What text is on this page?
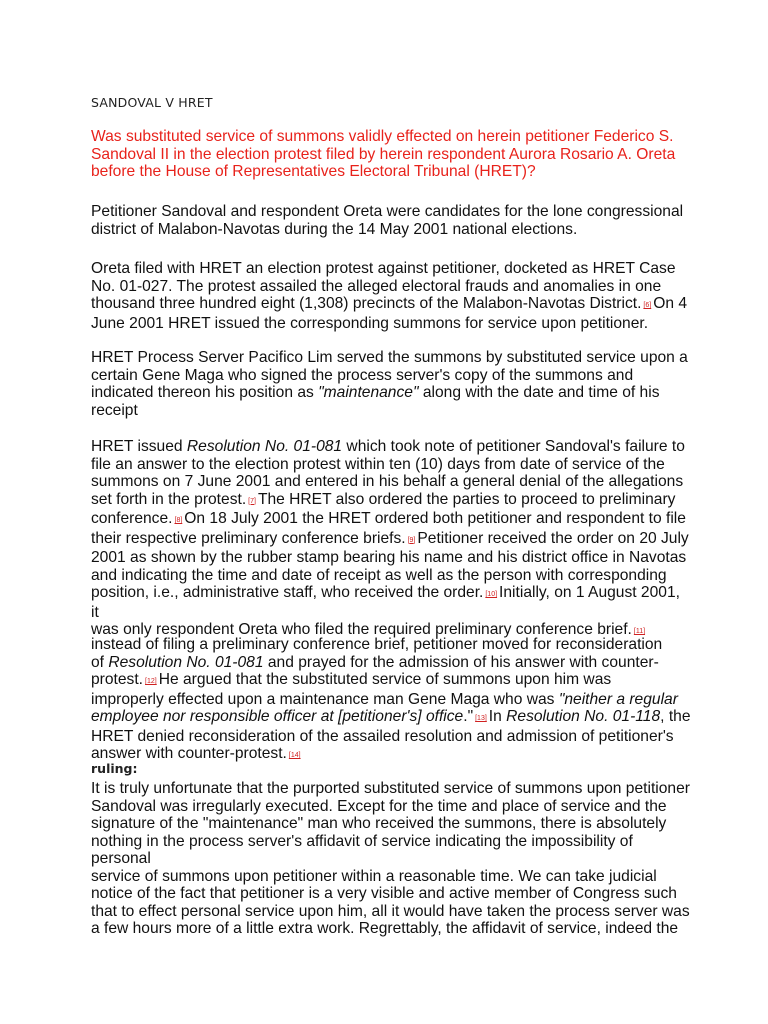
SANDOVAL V HRET

Was substituted service of summons validly effected on herein petitioner Federico S.
Sandoval II in the election protest filed by herein respondent Aurora Rosario A. Oreta
before the House of Representatives Electoral Tribunal (HRET)?

Petitioner Sandoval and respondent Oreta were candidates for the lone congressional
district of Malabon-Navotas during the 14 May 2001 national elections.

Oreta filed with HRET an election protest against petitioner, docketed as HRET Case
No. 01-027. The protest assailed the alleged electoral frauds and anomalies in one
thousand three hundred eight (1,308) precincts of the Malabon-Navotas District. [6] On 4
June 2001 HRET issued the corresponding summons for service upon petitioner.

HRET Process Server Pacifico Lim served the summons by substituted service upon a
certain Gene Maga who signed the process server's copy of the summons and
indicated thereon his position as "maintenance" along with the date and time of his
receipt

HRET issued Resolution No. 01-081 which took note of petitioner Sandoval's failure to
file an answer to the election protest within ten (10) days from date of service of the
summons on 7 June 2001 and entered in his behalf a general denial of the allegations
set forth in the protest. [7] The HRET also ordered the parties to proceed to preliminary
conference. [8] On 18 July 2001 the HRET ordered both petitioner and respondent to file
their respective preliminary conference briefs. [9] Petitioner received the order on 20 July
2001 as shown by the rubber stamp bearing his name and his district office in Navotas
and indicating the time and date of receipt as well as the person with corresponding
position, i.e., administrative staff, who received the order. [10] Initially, on 1 August 2001, it
was only respondent Oreta who filed the required preliminary conference brief. [11]

instead of filing a preliminary conference brief, petitioner moved for reconsideration
of Resolution No. 01-081 and prayed for the admission of his answer with counter-
protest. [12] He argued that the substituted service of summons upon him was
improperly effected upon a maintenance man Gene Maga who was "neither a regular
employee nor responsible officer at [petitioner's] office." [13] In Resolution No. 01-118, the
HRET denied reconsideration of the assailed resolution and admission of petitioner's
answer with counter-protest. [14]

ruling:

It is truly unfortunate that the purported substituted service of summons upon petitioner
Sandoval was irregularly executed. Except for the time and place of service and the
signature of the "maintenance" man who received the summons, there is absolutely
nothing in the process server's affidavit of service indicating the impossibility of personal
service of summons upon petitioner within a reasonable time. We can take judicial
notice of the fact that petitioner is a very visible and active member of Congress such
that to effect personal service upon him, all it would have taken the process server was
a few hours more of a little extra work. Regrettably, the affidavit of service, indeed the
